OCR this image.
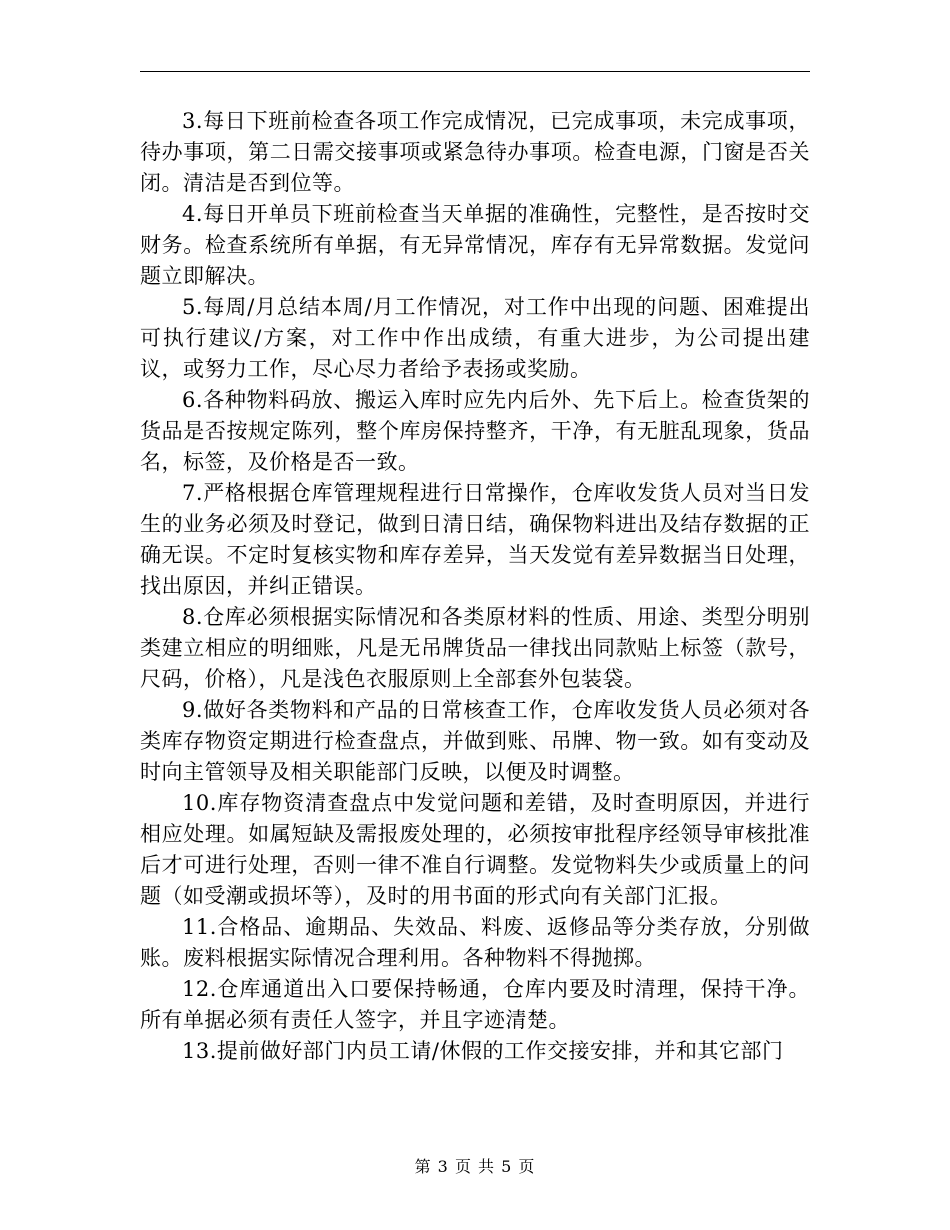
3.每日下班前检查各项工作完成情况，已完成事项，未完成事项，待办事项，第二日需交接事项或紧急待办事项。检查电源，门窗是否关闭。清洁是否到位等。

4.每日开单员下班前检查当天单据的准确性，完整性，是否按时交财务。检查系统所有单据，有无异常情况，库存有无异常数据。发觉问题立即解决。

5.每周/月总结本周/月工作情况，对工作中出现的问题、困难提出可执行建议/方案，对工作中作出成绩，有重大进步，为公司提出建议，或努力工作，尽心尽力者给予表扬或奖励。

6.各种物料码放、搬运入库时应先内后外、先下后上。检查货架的货品是否按规定陈列，整个库房保持整齐，干净，有无脏乱现象，货品名，标签，及价格是否一致。

7.严格根据仓库管理规程进行日常操作，仓库收发货人员对当日发生的业务必须及时登记，做到日清日结，确保物料进出及结存数据的正确无误。不定时复核实物和库存差异，当天发觉有差异数据当日处理，找出原因，并纠正错误。

8.仓库必须根据实际情况和各类原材料的性质、用途、类型分明别类建立相应的明细账，凡是无吊牌货品一律找出同款贴上标签（款号，尺码，价格），凡是浅色衣服原则上全部套外包装袋。

9.做好各类物料和产品的日常核查工作，仓库收发货人员必须对各类库存物资定期进行检查盘点，并做到账、吊牌、物一致。如有变动及时向主管领导及相关职能部门反映，以便及时调整。

10.库存物资清查盘点中发觉问题和差错，及时查明原因，并进行相应处理。如属短缺及需报废处理的，必须按审批程序经领导审核批准后才可进行处理，否则一律不准自行调整。发觉物料失少或质量上的问题（如受潮或损坏等），及时的用书面的形式向有关部门汇报。

11.合格品、逾期品、失效品、料废、返修品等分类存放，分别做账。废料根据实际情况合理利用。各种物料不得抛掷。

12.仓库通道出入口要保持畅通，仓库内要及时清理，保持干净。所有单据必须有责任人签字，并且字迹清楚。

13.提前做好部门内员工请/休假的工作交接安排，并和其它部门

第 3 页 共 5 页
